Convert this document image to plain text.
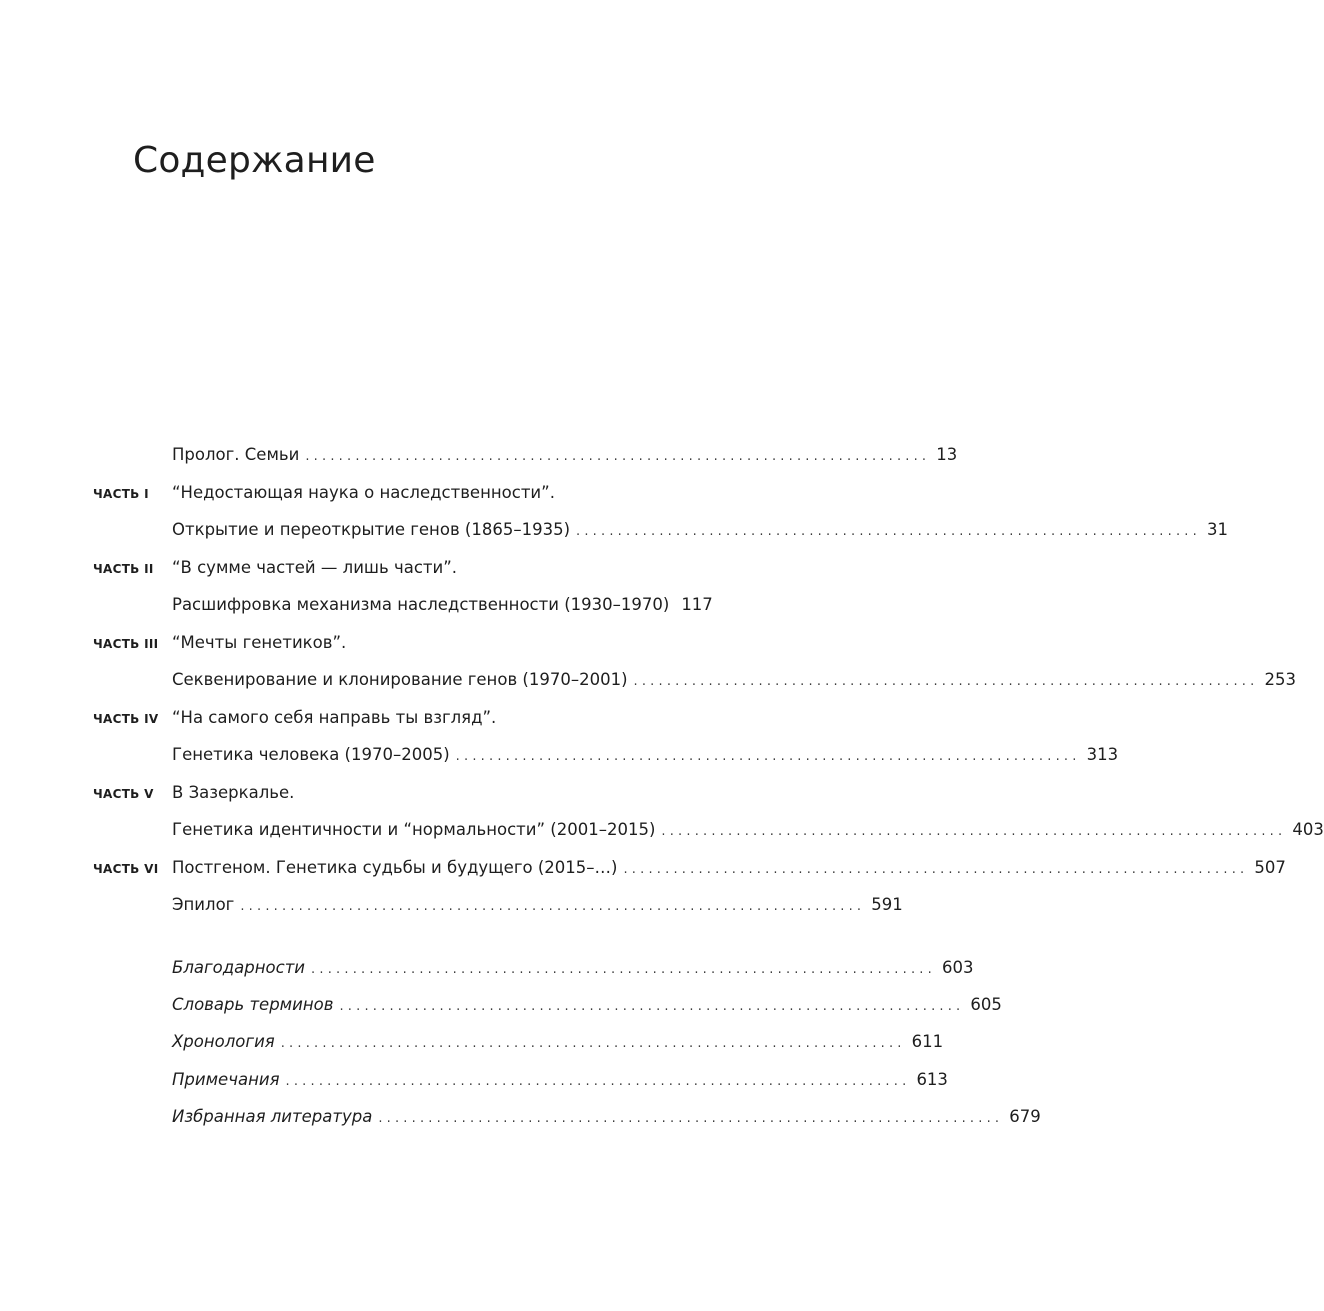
Содержание
Пролог. Семьи ........................................................................... 13
ЧАСТЬ I “Недостающая наука о наследственности”.
Открытие и переоткрытие генов (1865–1935) ........................................................................... 31
ЧАСТЬ II “В сумме частей — лишь части”.
Расшифровка механизма наследственности (1930–1970) 117
ЧАСТЬ III “Мечты генетиков”.
Секвенирование и клонирование генов (1970–2001) ........................................................................... 253
ЧАСТЬ IV “На самого себя направь ты взгляд”.
Генетика человека (1970–2005) ........................................................................... 313
ЧАСТЬ V В Зазеркалье.
Генетика идентичности и “нормальности” (2001–2015) ........................................................................... 403
ЧАСТЬ VI Постгеном. Генетика судьбы и будущего (2015–…) ........................................................................... 507
Эпилог ........................................................................... 591
Благодарности ........................................................................... 603
Словарь терминов ........................................................................... 605
Хронология ........................................................................... 611
Примечания ........................................................................... 613
Избранная литература ........................................................................... 679
